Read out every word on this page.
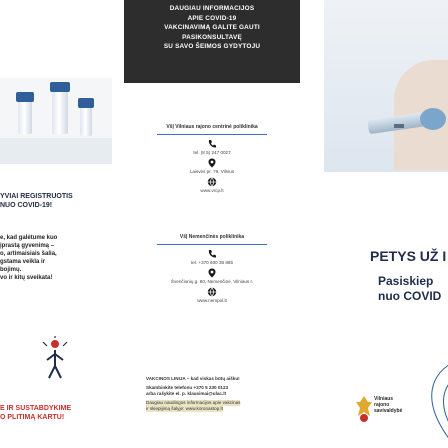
YVIAI REGISTRUOTIS
NUO COVID-19!
e, kad galėtume kuo
įprastą gyvenimą –
o, artimaisiais šalia,
gstama veikla ir
bojimų.
vo ir kitų sveikata!
E IR SUSTABDYKIME
O PLITIMĄ KARTU!
DAUGIAU INFORMACIJOS
APIE COVID-19
VAKCINAVIMĄ GALITE GAUTI
PASIKONSULTAVĘ
SU SAVO ŠEIMOS GYDYTOJU
VšĮ Vilniaus rajono centrinė poliklinika
tel. (8 5) 247 0027
Laisvės pr. 79, Vilnius
www.vrcp.lt
VšĮ Nemenčinės poliklinika
tel. +370 600 38 885
Švenčionių g. 80, Nemenčinė, Vilniaus r.
www.nempol.lt
VAKCINOS LINIJA – kad viskas būtų aišku!
Skambinkite telefonu +370 5 230 0123
arba rašykite el. p. klausimai@ulac.lt
Daugiau naudingos informacijos apie vakcinas ir skiepijimą šalyje: www.koronastop.lt
PETYS UŽ I
Pasiskiep
nuo COVID
Vilniaus
rajono
savivaldybė
